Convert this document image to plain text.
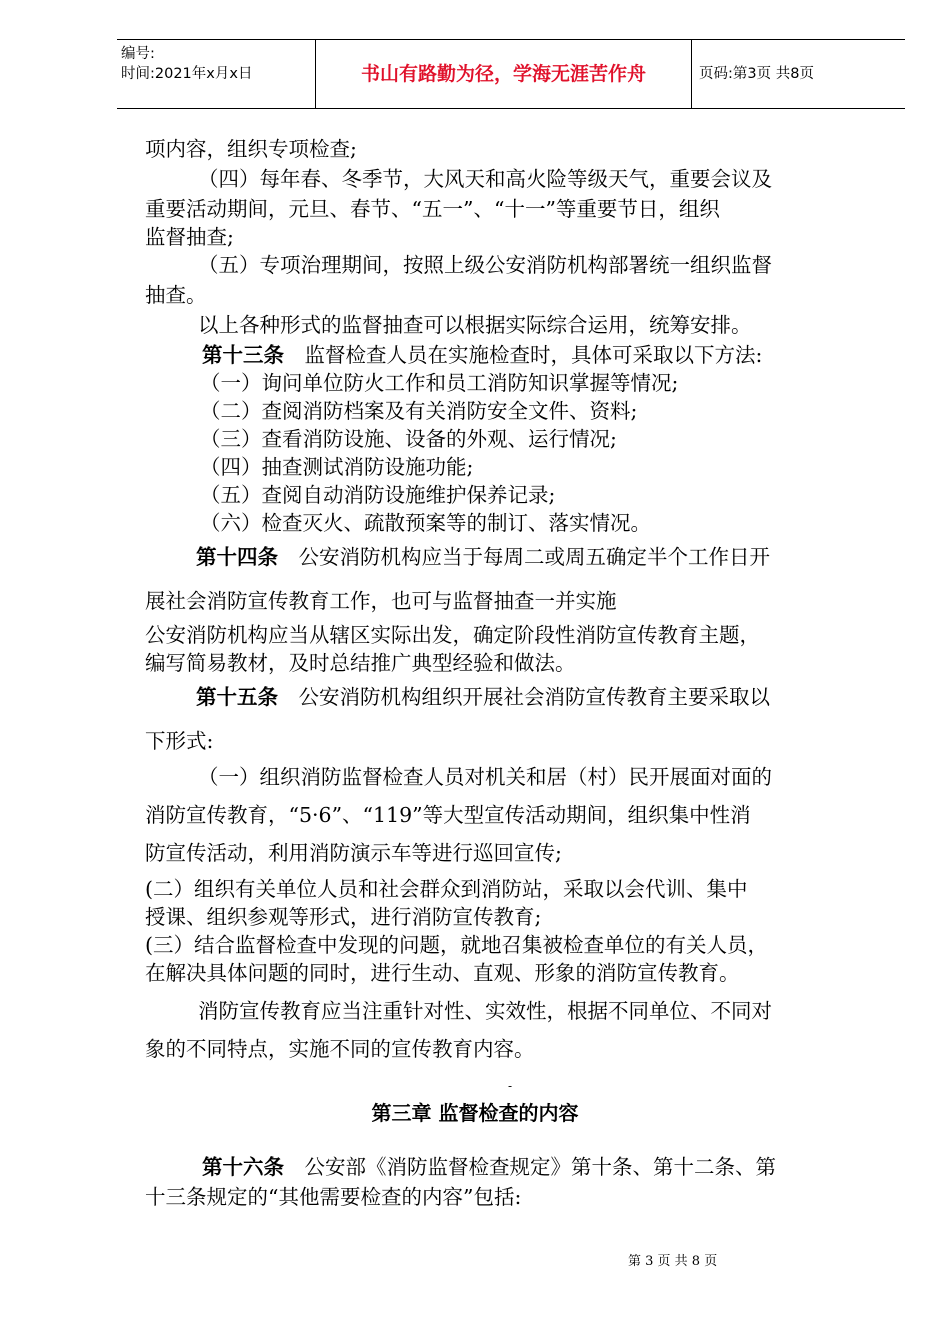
编号:
时间:2021年x月x日	书山有路勤为径，学海无涯苦作舟	页码:第3页 共8页
项内容，组织专项检查;
（四）每年春、冬季节，大风天和高火险等级天气，重要会议及
重要活动期间，元旦、春节、“五一”、“十一”等重要节日，组织
监督抽查;
（五）专项治理期间，按照上级公安消防机构部署统一组织监督
抽查。
以上各种形式的监督抽查可以根据实际综合运用，统筹安排。
第十三条  监督检查人员在实施检查时，具体可采取以下方法:
（一）询问单位防火工作和员工消防知识掌握等情况;
（二）查阅消防档案及有关消防安全文件、资料;
（三）查看消防设施、设备的外观、运行情况;
（四）抽查测试消防设施功能;
（五）查阅自动消防设施维护保养记录;
（六）检查灭火、疏散预案等的制订、落实情况。
第十四条  公安消防机构应当于每周二或周五确定半个工作日开
展社会消防宣传教育工作，也可与监督抽查一并实施
公安消防机构应当从辖区实际出发，确定阶段性消防宣传教育主题，
编写简易教材，及时总结推广典型经验和做法。
第十五条  公安消防机构组织开展社会消防宣传教育主要采取以
下形式:
（一）组织消防监督检查人员对机关和居（村）民开展面对面的
消防宣传教育，“5·6”、“119”等大型宣传活动期间，组织集中性消
防宣传活动，利用消防演示车等进行巡回宣传;
(二）组织有关单位人员和社会群众到消防站，采取以会代训、集中
授课、组织参观等形式，进行消防宣传教育;
(三）结合监督检查中发现的问题，就地召集被检查单位的有关人员，
在解决具体问题的同时，进行生动、直观、形象的消防宣传教育。
消防宣传教育应当注重针对性、实效性，根据不同单位、不同对
象的不同特点，实施不同的宣传教育内容。
-
第三章 监督检查的内容
第十六条  公安部《消防监督检查规定》第十条、第十二条、第
十三条规定的“其他需要检查的内容”包括:
第 3 页 共 8 页
